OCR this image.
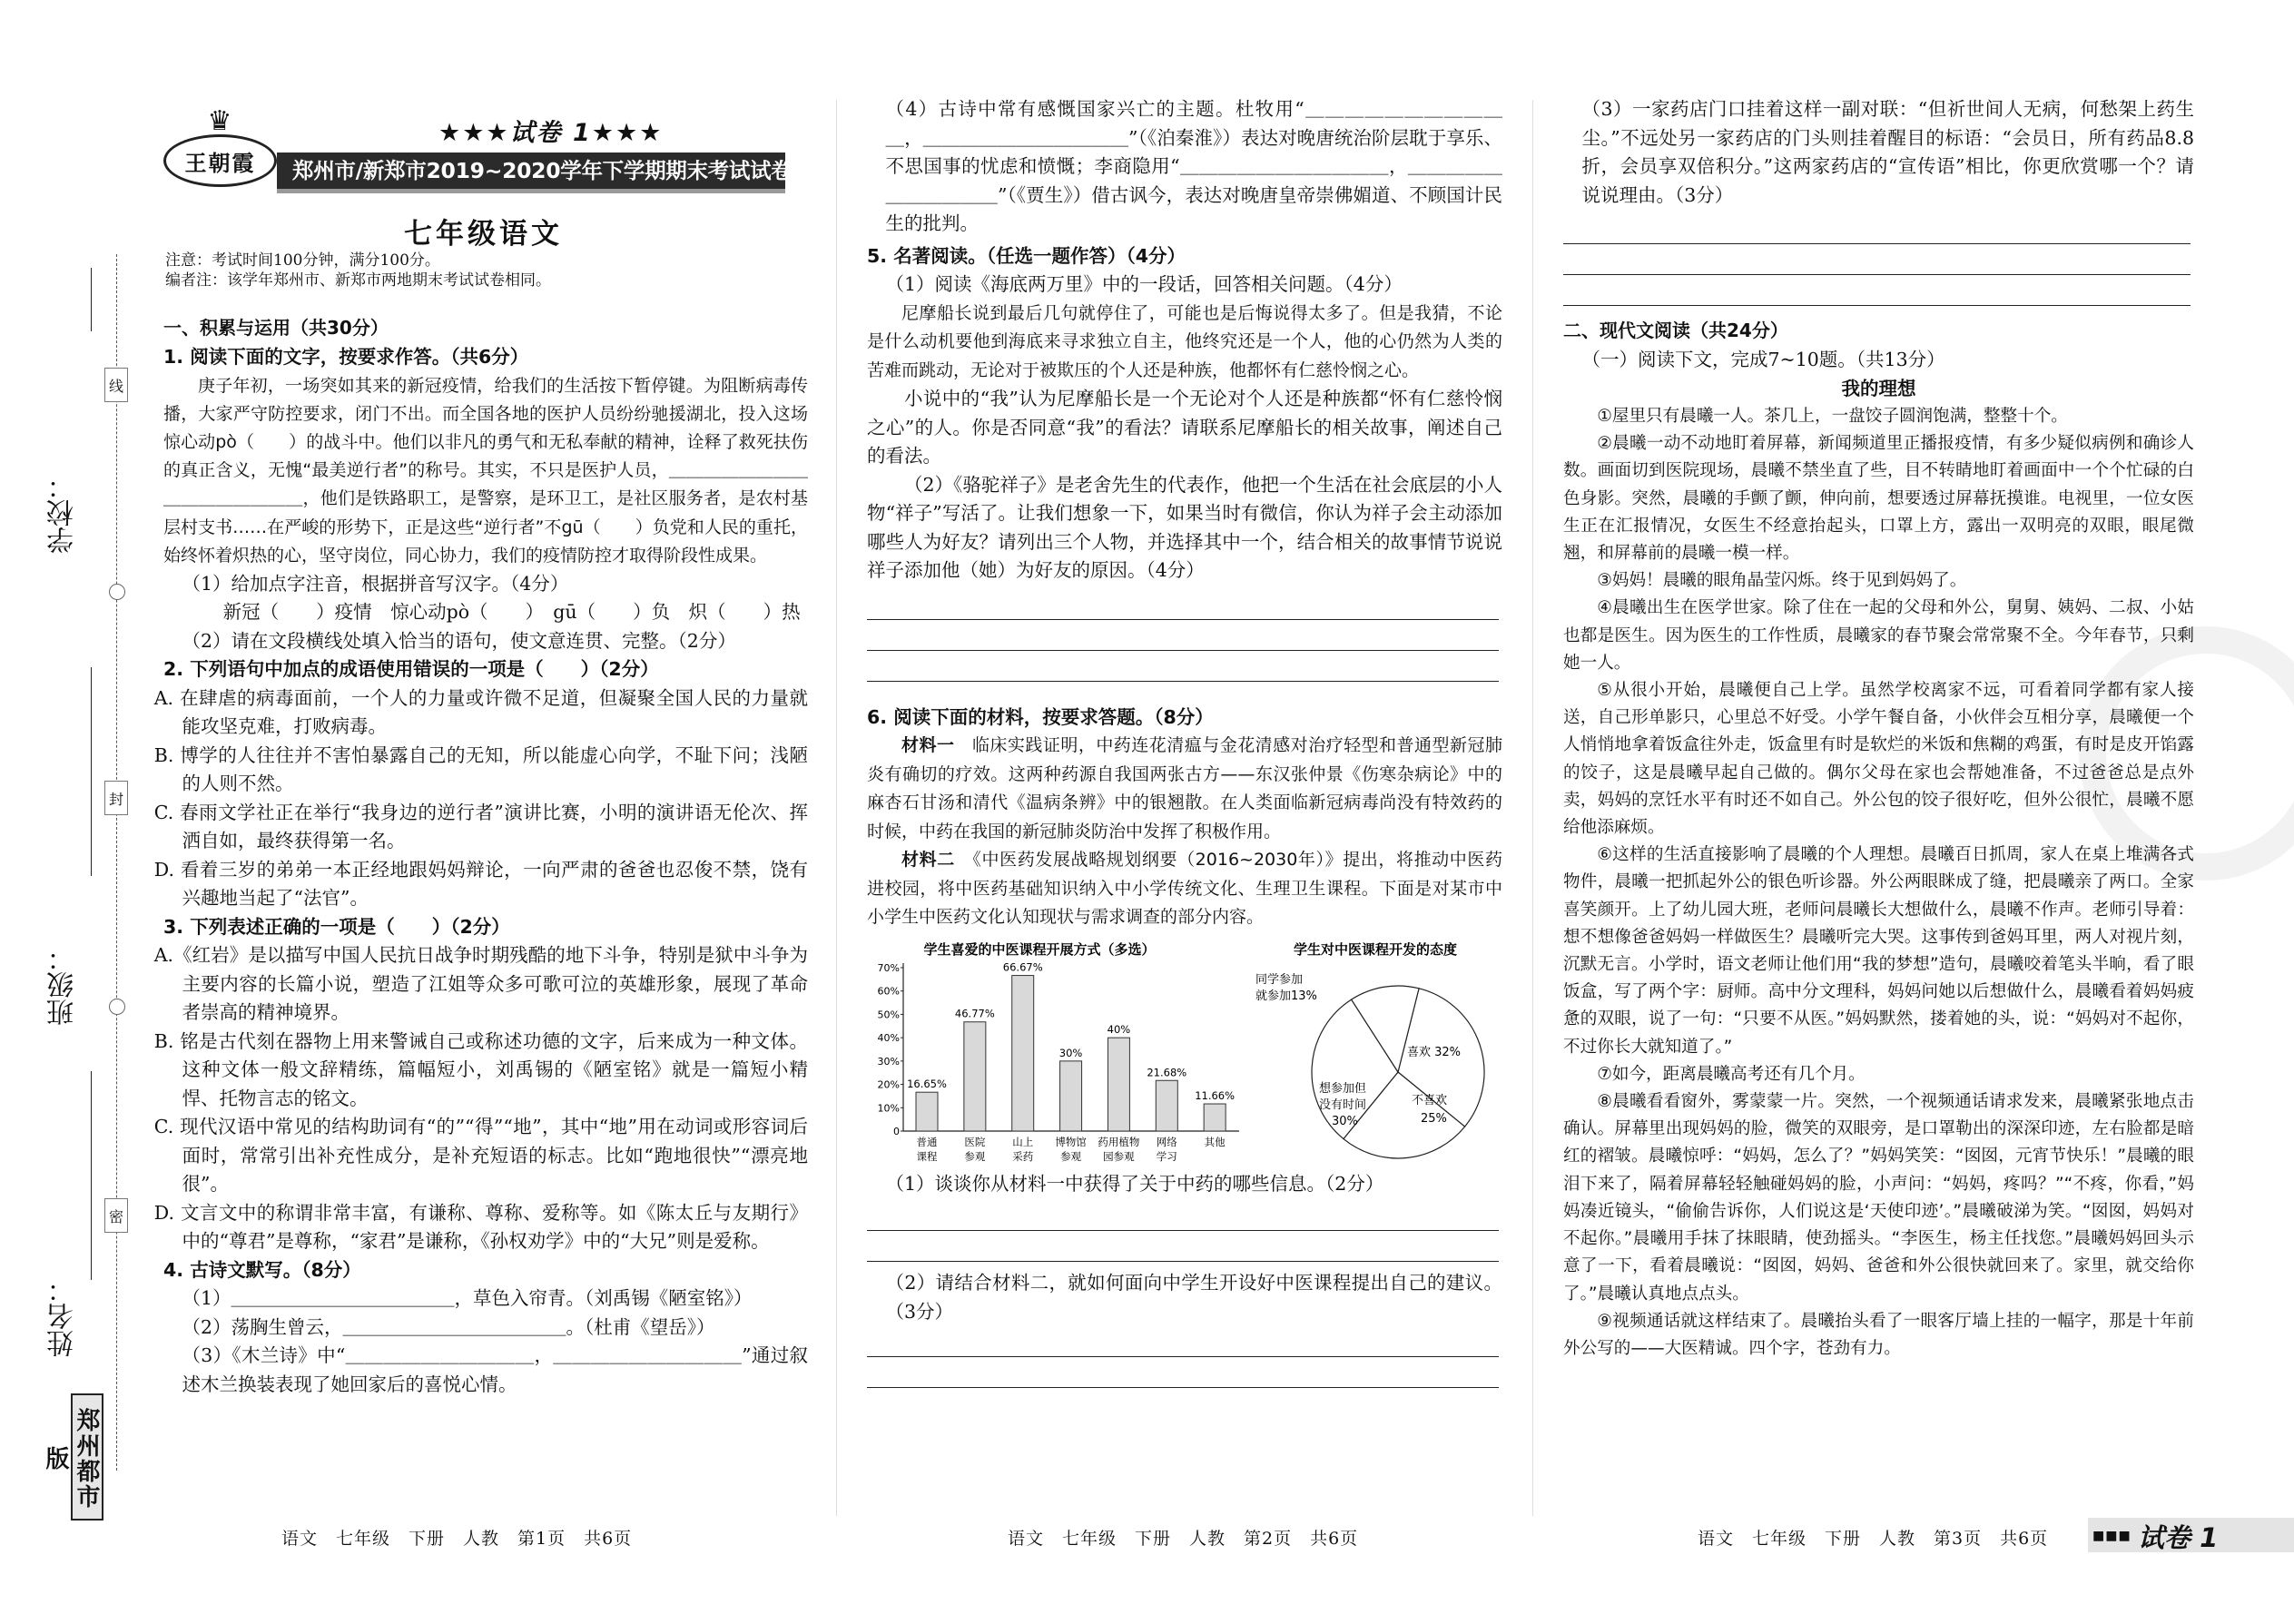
学校：
班级：
姓名：
线
封
密
郑州都市版
王朝霞
♛	★★★试卷 1★★★
郑州市/新郑市2019~2020学年下学期期末考试试卷
七年级语文
注意：考试时间100分钟，满分100分。
编者注：该学年郑州市、新郑市两地期末考试试卷相同。
一、积累与运用（共30分）
1. 阅读下面的文字，按要求作答。（共6分）
庚子年初，一场突如其来的新冠疫情，给我们的生活按下暂停键。为阻断病毒传播，大家严守防控要求，闭门不出。而全国各地的医护人员纷纷驰援湖北，投入这场惊心动pò（　　）的战斗中。他们以非凡的勇气和无私奉献的精神，诠释了救死扶伤的真正含义，无愧“最美逆行者”的称号。其实，不只是医护人员，＿＿＿＿＿＿＿＿＿＿＿＿＿＿＿＿，他们是铁路职工，是警察，是环卫工，是社区服务者，是农村基层村支书……在严峻的形势下，正是这些“逆行者”不gū（　　）负党和人民的重托，始终怀着炽热的心，坚守岗位，同心协力，我们的疫情防控才取得阶段性成果。
（1）给加点字注音，根据拼音写汉字。（4分）
新冠（　　）疫情　惊心动pò（　　）　gū（　　）负　炽（　　）热
（2）请在文段横线处填入恰当的语句，使文意连贯、完整。（2分）
2. 下列语句中加点的成语使用错误的一项是（　　）（2分）
A. 在肆虐的病毒面前，一个人的力量或许微不足道，但凝聚全国人民的力量就能攻坚克难，打败病毒。
B. 博学的人往往并不害怕暴露自己的无知，所以能虚心向学，不耻下问；浅陋的人则不然。
C. 春雨文学社正在举行“我身边的逆行者”演讲比赛，小明的演讲语无伦次、挥洒自如，最终获得第一名。
D. 看着三岁的弟弟一本正经地跟妈妈辩论，一向严肃的爸爸也忍俊不禁，饶有兴趣地当起了“法官”。
3. 下列表述正确的一项是（　　）（2分）
A.《红岩》是以描写中国人民抗日战争时期残酷的地下斗争，特别是狱中斗争为主要内容的长篇小说，塑造了江姐等众多可歌可泣的英雄形象，展现了革命者崇高的精神境界。
B. 铭是古代刻在器物上用来警诫自己或称述功德的文字，后来成为一种文体。这种文体一般文辞精练，篇幅短小，刘禹锡的《陋室铭》就是一篇短小精悍、托物言志的铭文。
C. 现代汉语中常见的结构助词有“的”“得”“地”，其中“地”用在动词或形容词后面时，常常引出补充性成分，是补充短语的标志。比如“跑地很快”“漂亮地很”。
D. 文言文中的称谓非常丰富，有谦称、尊称、爱称等。如《陈太丘与友期行》中的“尊君”是尊称，“家君”是谦称，《孙权劝学》中的“大兄”则是爱称。
4. 古诗文默写。（8分）
（1）＿＿＿＿＿＿＿＿＿＿＿＿，草色入帘青。（刘禹锡《陋室铭》）
（2）荡胸生曾云，＿＿＿＿＿＿＿＿＿＿＿＿。（杜甫《望岳》）
（3）《木兰诗》中“＿＿＿＿＿＿＿＿＿＿，＿＿＿＿＿＿＿＿＿＿”通过叙述木兰换装表现了她回家后的喜悦心情。
语文　七年级　下册　人教　第1页　共6页
（4）古诗中常有感慨国家兴亡的主题。杜牧用“＿＿＿＿＿＿＿＿＿＿＿，＿＿＿＿＿＿＿＿＿＿＿”（《泊秦淮》）表达对晚唐统治阶层耽于享乐、不思国事的忧虑和愤慨；李商隐用“＿＿＿＿＿＿＿＿＿＿＿，＿＿＿＿＿＿＿＿＿＿＿”（《贾生》）借古讽今，表达对晚唐皇帝崇佛媚道、不顾国计民生的批判。
5. 名著阅读。（任选一题作答）（4分）
（1）阅读《海底两万里》中的一段话，回答相关问题。（4分）
尼摩船长说到最后几句就停住了，可能也是后悔说得太多了。但是我猜，不论是什么动机要他到海底来寻求独立自主，他终究还是一个人，他的心仍然为人类的苦难而跳动，无论对于被欺压的个人还是种族，他都怀有仁慈怜悯之心。
小说中的“我”认为尼摩船长是一个无论对个人还是种族都“怀有仁慈怜悯之心”的人。你是否同意“我”的看法？请联系尼摩船长的相关故事，阐述自己的看法。
（2）《骆驼祥子》是老舍先生的代表作，他把一个生活在社会底层的小人物“祥子”写活了。让我们想象一下，如果当时有微信，你认为祥子会主动添加哪些人为好友？请列出三个人物，并选择其中一个，结合相关的故事情节说说祥子添加他（她）为好友的原因。（4分）
6. 阅读下面的材料，按要求答题。（8分）
材料一　 临床实践证明，中药连花清瘟与金花清感对治疗轻型和普通型新冠肺炎有确切的疗效。这两种药源自我国两张古方——东汉张仲景《伤寒杂病论》中的麻杏石甘汤和清代《温病条辨》中的银翘散。在人类面临新冠病毒尚没有特效药的时候，中药在我国的新冠肺炎防治中发挥了积极作用。
材料二　 《中医药发展战略规划纲要（2016~2030年）》提出，将推动中医药进校园，将中医药基础知识纳入中小学传统文化、生理卫生课程。下面是对某市中小学生中医药文化认知现状与需求调查的部分内容。
学生喜爱的中医课程开展方式（多选）
70%
60%
50%
40%
30%
20%
10%
0
16.65%
普通
课程
46.77%
医院
参观
66.67%
山上
采药
30%
博物馆
参观
40%
药用植物
园参观
21.68%
网络
学习
11.66%
其他
学生对中医课程开发的态度
喜欢 32%
不喜欢
25%
想参加但
没有时间
30%
同学参加
就参加13%
（1）谈谈你从材料一中获得了关于中药的哪些信息。（2分）
（2）请结合材料二，就如何面向中学生开设好中医课程提出自己的建议。（3分）
语文　七年级　下册　人教　第2页　共6页
（3）一家药店门口挂着这样一副对联：“但祈世间人无病，何愁架上药生尘。”不远处另一家药店的门头则挂着醒目的标语：“会员日，所有药品8.8折，会员享双倍积分。”这两家药店的“宣传语”相比，你更欣赏哪一个？请说说理由。（3分）
二、现代文阅读（共24分）
（一）阅读下文，完成7~10题。（共13分）
我的理想
①屋里只有晨曦一人。茶几上，一盘饺子圆润饱满，整整十个。
②晨曦一动不动地盯着屏幕，新闻频道里正播报疫情，有多少疑似病例和确诊人数。画面切到医院现场，晨曦不禁坐直了些，目不转睛地盯着画面中一个个忙碌的白色身影。突然，晨曦的手颤了颤，伸向前，想要透过屏幕抚摸谁。电视里，一位女医生正在汇报情况，女医生不经意抬起头，口罩上方，露出一双明亮的双眼，眼尾微翘，和屏幕前的晨曦一模一样。
③妈妈！晨曦的眼角晶莹闪烁。终于见到妈妈了。
④晨曦出生在医学世家。除了住在一起的父母和外公，舅舅、姨妈、二叔、小姑也都是医生。因为医生的工作性质，晨曦家的春节聚会常常聚不全。今年春节，只剩她一人。
⑤从很小开始，晨曦便自己上学。虽然学校离家不远，可看着同学都有家人接送，自己形单影只，心里总不好受。小学午餐自备，小伙伴会互相分享，晨曦便一个人悄悄地拿着饭盒往外走，饭盒里有时是软烂的米饭和焦糊的鸡蛋，有时是皮开馅露的饺子，这是晨曦早起自己做的。偶尔父母在家也会帮她准备，不过爸爸总是点外卖，妈妈的烹饪水平有时还不如自己。外公包的饺子很好吃，但外公很忙，晨曦不愿给他添麻烦。
⑥这样的生活直接影响了晨曦的个人理想。晨曦百日抓周，家人在桌上堆满各式物件，晨曦一把抓起外公的银色听诊器。外公两眼眯成了缝，把晨曦亲了两口。全家喜笑颜开。上了幼儿园大班，老师问晨曦长大想做什么，晨曦不作声。老师引导着：想不想像爸爸妈妈一样做医生？晨曦听完大哭。这事传到爸妈耳里，两人对视片刻，沉默无言。小学时，语文老师让他们用“我的梦想”造句，晨曦咬着笔头半晌，看了眼饭盒，写了两个字：厨师。高中分文理科，妈妈问她以后想做什么，晨曦看着妈妈疲惫的双眼，说了一句：“只要不从医。”妈妈默然，搂着她的头，说：“妈妈对不起你，不过你长大就知道了。”
⑦如今，距离晨曦高考还有几个月。
⑧晨曦看看窗外，雾蒙蒙一片。突然，一个视频通话请求发来，晨曦紧张地点击确认。屏幕里出现妈妈的脸，微笑的双眼旁，是口罩勒出的深深印迹，左右脸都是暗红的褶皱。晨曦惊呼：“妈妈，怎么了？”妈妈笑笑：“囡囡，元宵节快乐！”晨曦的眼泪下来了，隔着屏幕轻轻触碰妈妈的脸，小声问：“妈妈，疼吗？”“不疼，你看，”妈妈凑近镜头，“偷偷告诉你，人们说这是‘天使印迹’。”晨曦破涕为笑。“囡囡，妈妈对不起你。”晨曦用手抹了抹眼睛，使劲摇头。“李医生，杨主任找您。”晨曦妈妈回头示意了一下，看着晨曦说：“囡囡，妈妈、爸爸和外公很快就回来了。家里，就交给你了。”晨曦认真地点点头。
⑨视频通话就这样结束了。晨曦抬头看了一眼客厅墙上挂的一幅字，那是十年前外公写的——大医精诚。四个字，苍劲有力。
语文　七年级　下册　人教　第3页　共6页	■■■ 试卷 1
